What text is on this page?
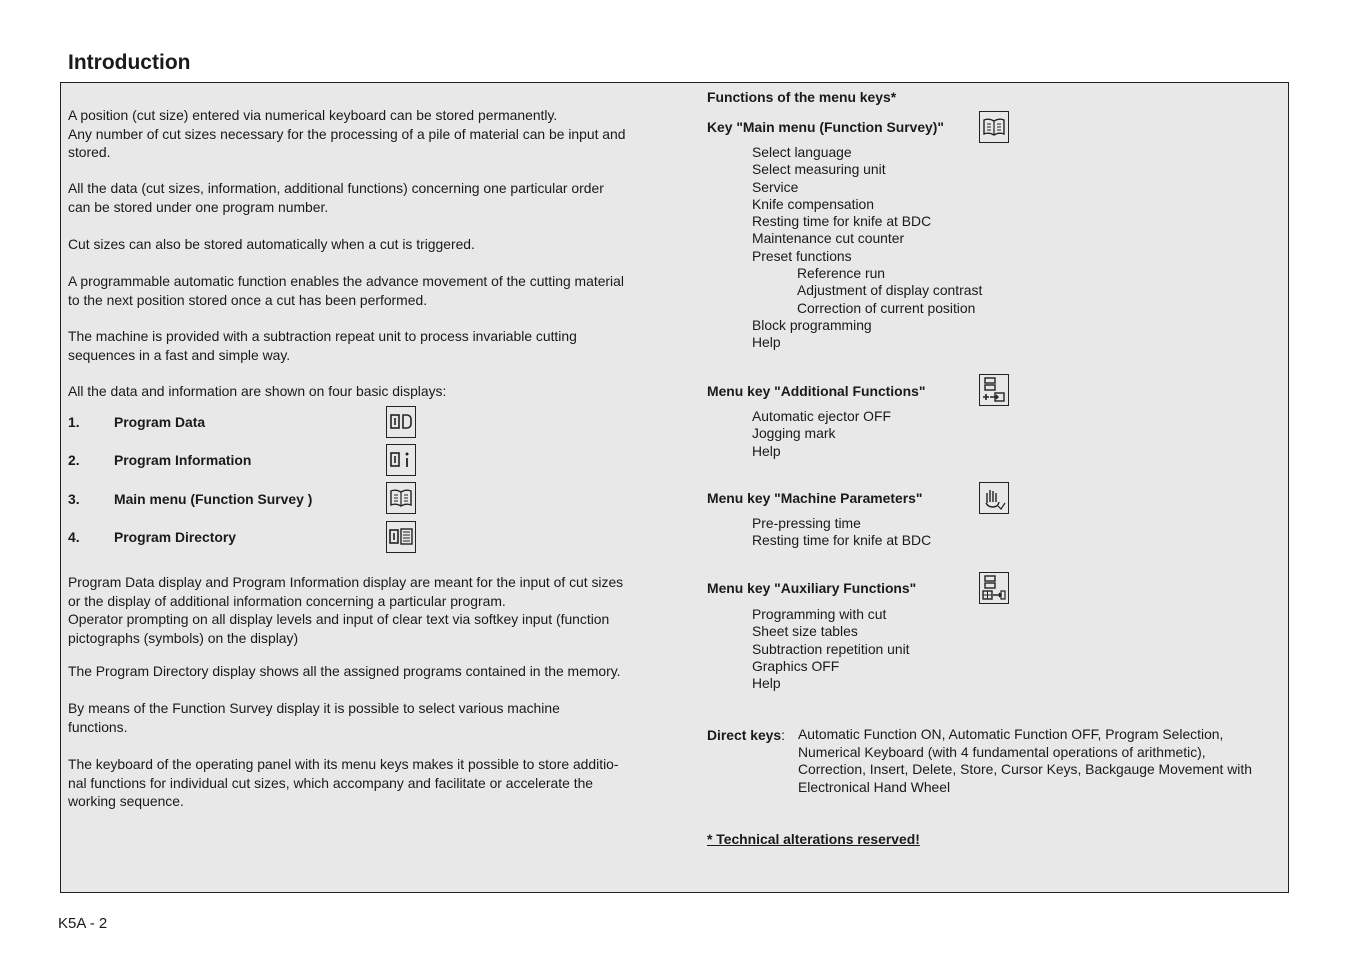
Introduction
A position (cut size) entered via numerical keyboard can be stored permanently.
Any number of cut sizes necessary for the processing of a pile of material can be input and
stored.
All the data (cut sizes, information, additional functions) concerning one particular order
can be stored under one program number.
Cut sizes can also be stored automatically when a cut is triggered.
A programmable automatic function enables the advance movement of the cutting material
to the next position stored once a cut has been performed.
The machine is provided with a subtraction repeat unit to process invariable cutting
sequences in a fast and simple way.
All the data and information are shown on four basic displays:
1. Program Data
2. Program Information
3. Main menu (Function Survey )
4. Program Directory
Program Data display and Program Information display are meant for the input of cut sizes
or the display of additional information concerning a particular program.
Operator prompting on all display levels and input of clear text via softkey input (function
pictographs (symbols) on the display)
The Program Directory display shows all the assigned programs contained in the memory.
By means of the Function Survey display it is possible to select various machine
functions.
The keyboard of the operating panel with its menu keys makes it possible to store additio-
nal functions for individual cut sizes, which accompany and facilitate or accelerate the
working sequence.
Functions of the menu keys*
Key "Main menu (Function Survey)"
Select language
Select measuring unit
Service
Knife compensation
Resting time for knife at BDC
Maintenance cut counter
Preset functions
Reference run
Adjustment of display contrast
Correction of current position
Block programming
Help
Menu key "Additional Functions"
Automatic ejector OFF
Jogging mark
Help
Menu key "Machine Parameters"
Pre-pressing time
Resting time for knife at BDC
Menu key "Auxiliary Functions"
Programming with cut
Sheet size tables
Subtraction repetition unit
Graphics OFF
Help
Direct keys: Automatic Function ON, Automatic Function OFF, Program Selection,
Numerical Keyboard (with 4 fundamental operations of arithmetic),
Correction, Insert, Delete, Store, Cursor Keys, Backgauge Movement with
Electronical Hand Wheel
* Technical alterations reserved!
K5A - 2
